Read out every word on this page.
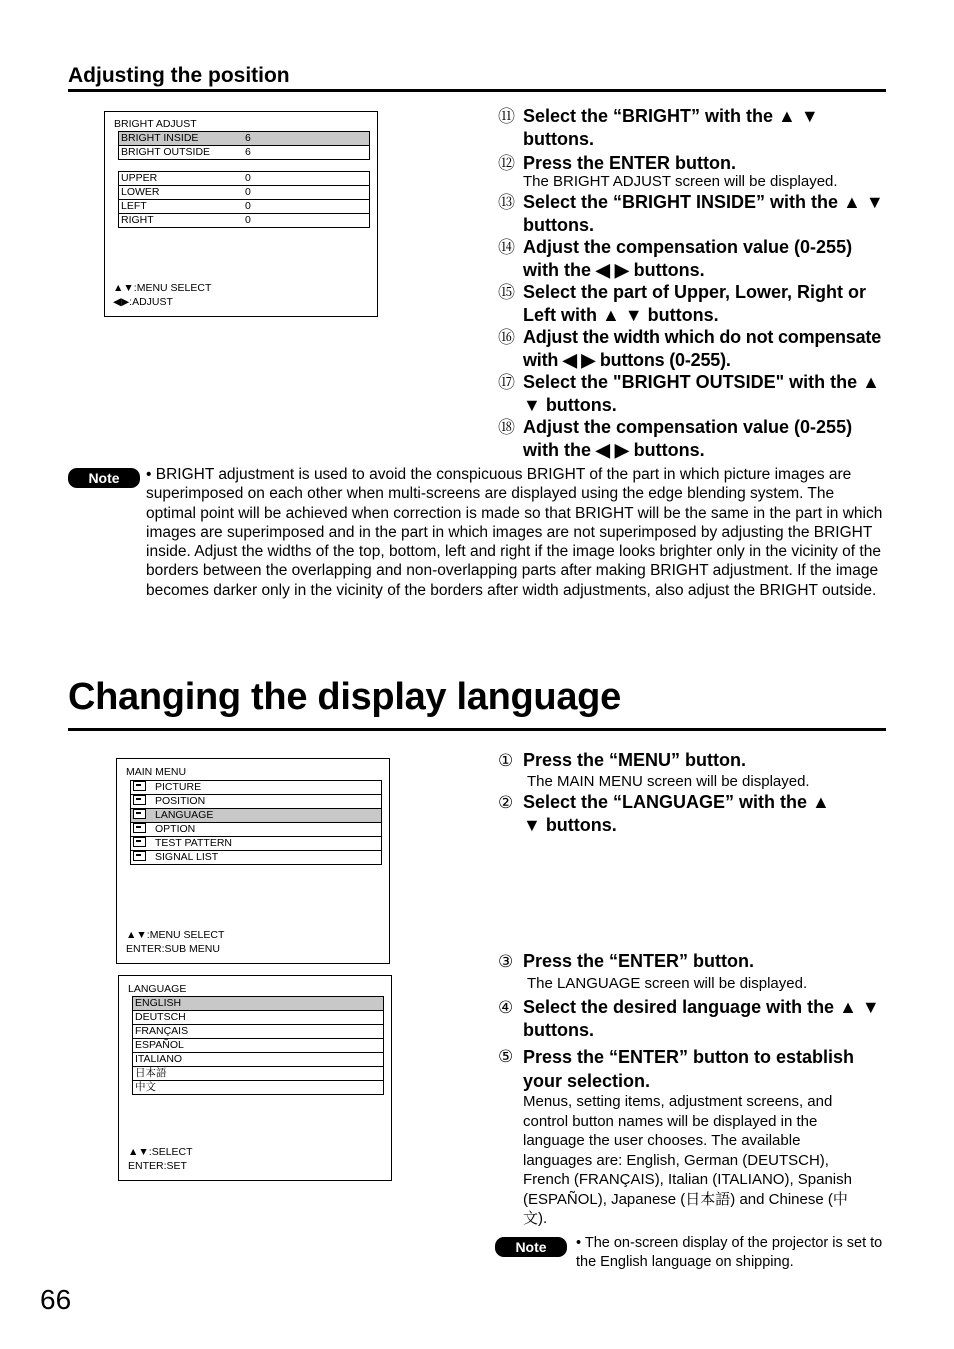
Adjusting the position
BRIGHT ADJUST
BRIGHT INSIDE	6
BRIGHT OUTSIDE	6
UPPER	0
LOWER	0
LEFT	0
RIGHT	0
▲▼:MENU SELECT
◀▶:ADJUST
⑪ Select the “BRIGHT” with the ▲ ▼ buttons.
⑫ Press the ENTER button.
The BRIGHT ADJUST screen will be displayed.
⑬ Select the “BRIGHT INSIDE” with the ▲ ▼ buttons.
⑭ Adjust the compensation value (0-255) with the ◀ ▶ buttons.
⑮ Select the part of Upper, Lower, Right or Left with ▲ ▼ buttons.
⑯ Adjust the width which do not compensate with ◀ ▶ buttons (0-255).
⑰ Select the "BRIGHT OUTSIDE" with the ▲ ▼ buttons.
⑱ Adjust the compensation value (0-255) with the ◀ ▶ buttons.
Note	• BRIGHT adjustment is used to avoid the conspicuous BRIGHT of the part in which picture images are superimposed on each other when multi-screens are displayed using the edge blending system. The optimal point will be achieved when correction is made so that BRIGHT will be the same in the part in which images are superimposed and in the part in which images are not superimposed by adjusting the BRIGHT inside. Adjust the widths of the top, bottom, left and right if the image looks brighter only in the vicinity of the borders between the overlapping and non-overlapping parts after making BRIGHT adjustment. If the image becomes darker only in the vicinity of the borders after width adjustments, also adjust the BRIGHT outside.
Changing the display language
MAIN MENU
PICTURE
POSITION
LANGUAGE
OPTION
TEST PATTERN
SIGNAL LIST
▲▼:MENU SELECT
ENTER:SUB MENU
LANGUAGE
ENGLISH
DEUTSCH
FRANÇAIS
ESPAÑOL
ITALIANO
日本語
中文
▲▼:SELECT
ENTER:SET
① Press the “MENU” button.
The MAIN MENU screen will be displayed.
② Select the “LANGUAGE” with the ▲ ▼ buttons.
③ Press the “ENTER” button.
The LANGUAGE screen will be displayed.
④ Select the desired language with the ▲ ▼ buttons.
⑤ Press the “ENTER” button to establish your selection.
Menus, setting items, adjustment screens, and control button names will be displayed in the language the user chooses. The available languages are: English, German (DEUTSCH), French (FRANÇAIS), Italian (ITALIANO), Spanish (ESPAÑOL), Japanese (日本語) and Chinese (中文).
Note	• The on-screen display of the projector is set to the English language on shipping.
66
